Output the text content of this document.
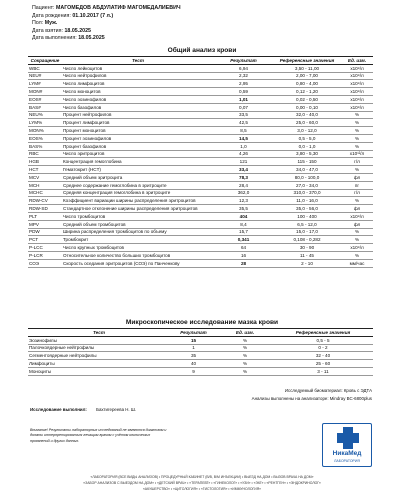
Пациент: МАГОМЕДОВ АБДУЛАТИФ МАГОМЕДАЛИЕВИЧ
Дата рождения: 01.10.2017 (7 л.)
Пол: Муж.
Дата взятия: 18.05.2025
Дата выполнения: 18.05.2025
Общий анализ крови
Сокращение	Тест	Результат	Референсные значения	Ед. изм.
WBC	Число лейкоцитов	6,94	3,50 - 11,00	x10⁹/л
NEU#	Число нейтрофилов	2,32	2,00 - 7,00	x10⁹/л
LYM#	Число лимфоцитов	2,95	0,80 - 4,00	x10⁹/л
MON#	Число моноцитов	0,59	0,12 - 1,20	x10⁹/л
EOS#	Число эозинофилов	1,01	0,02 - 0,50	x10⁹/л
BAS#	Число базофилов	0,07	0,00 - 0,10	x10⁹/л
NEU%	Процент нейтрофилов	33,5	32,0 - 40,0	%
LYM%	Процент лимфоцитов	42,5	25,0 - 60,0	%
MON%	Процент моноцитов	8,5	3,0 - 12,0	%
EOS%	Процент эозинофилов	14,5	0,5 - 5,0	%
BAS%	Процент базофилов	1,0	0,0 - 1,0	%
RBC	Число эритроцитов	4,26	3,80 - 5,30	x10¹²/л
HGB	Концентрация гемоглобина	121	115 - 150	г/л
HCT	Гематокрит (HCT)	33,4	34,0 - 47,0	%
MCV	Средний объем эритроцита	78,3	80,0 - 100,0	фл
MCH	Среднее содержание гемоглобина в эритроците	28,4	27,0 - 34,0	пг
MCHC	Средняя концентрация гемоглобина в эритроците	362,0	310,0 - 370,0	г/л
RDW-CV	Коэффициент вариации ширины распределения эритроцитов	12,3	11,0 - 16,0	%
RDW-SD	Стандартное отклонение ширины распределения эритроцитов	35,5	35,0 - 56,0	фл
PLT	Число тромбоцитов	404	100 - 400	x10⁹/л
MPV	Средний объем тромбоцитов	8,4	6,5 - 12,0	фл
PDW	Ширина распределения тромбоцитов по объему	15,7	15,0 - 17,0	%
PCT	Тромбокрит	0,341	0,108 - 0,282	%
P-LCC	Число крупных тромбоцитов	64	30 - 90	x10⁹/л
P-LCR	Относительное количество больших тромбоцитов	16	11 - 45	%
СОЭ	Скорость оседания эритроцитов (СОЭ) по Панченкову	28	2 - 10	мм/час
Микроскопическое исследование мазка крови
Тест	Результат	Ед. изм.	Референсные значения
Эозинофилы	15	%	0,5 - 5
Палочкоядерные нейтрофилы	1	%	0 - 2
Сегментоядерные нейтрофилы	35	%	32 - 40
Лимфоциты	40	%	25 - 60
Моноциты	9	%	3 - 11
Исследуемый биоматериал: Кровь с ЭДТА
Анализы выполнены на анализаторе: Mindray BC-6800plus
Исследование выполнил: Бахтигереева Н. Ш.
Внимание! Результаты лабораторных исследований не являются диагнозом и должны интерпретироваться лечащим врачом с учётом клинических проявлений и других данных.
НикаМед
ЛАБОРАТОРИЯ
«ЛАБОРАТОРИЯ (ВСЕ ВИДЫ АНАЛИЗОВ) • ПРОЦЕДУРНЫЙ КАБИНЕТ (В/В, В/М ИНЪЕКЦИИ) • ВЫЕЗД НА ДОМ • ВЫЗОВ ВРАЧА НА ДОМ»
«ЗАБОР АНАЛИЗОВ С ВЫЕЗДОМ НА ДОМ» • «ДЕТСКИЙ ВРАЧ» • «ТЕРАПЕВТ» • «ГИНЕКОЛОГ» • «УЗИ» • «ЭКГ» • «РЕНТГЕН» • «ЭНДОКРИНОЛОГ»
«АКУШЕРСТВО» • «ЦИТОЛОГИЯ» • «ГИСТОЛОГИЯ» • «ИММУНОЛОГИЯ»
